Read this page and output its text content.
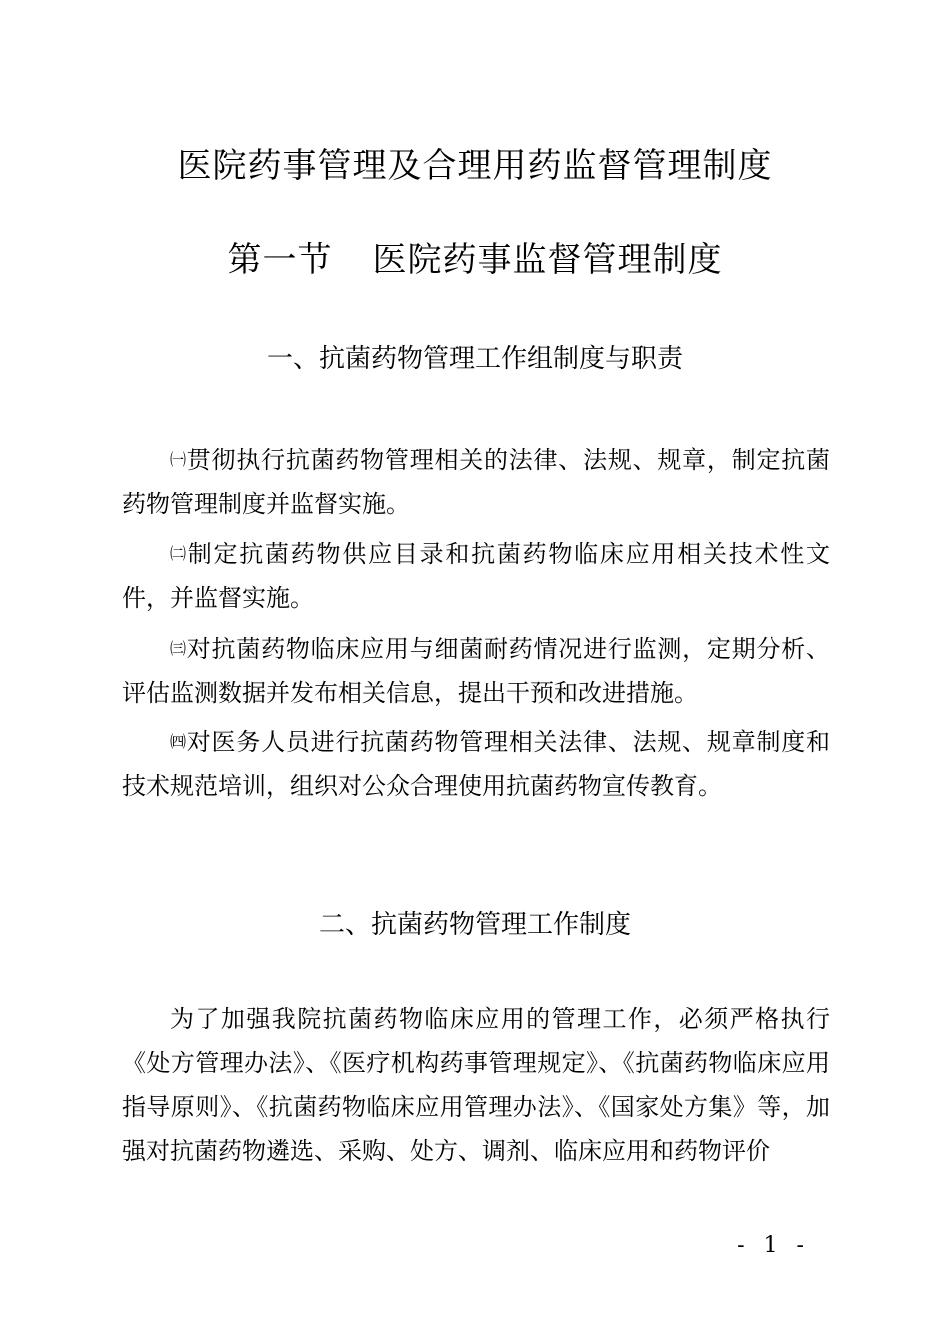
医院药事管理及合理用药监督管理制度
第一节 医院药事监督管理制度
一、抗菌药物管理工作组制度与职责

㈠贯彻执行抗菌药物管理相关的法律、法规、规章，制定抗菌药物管理制度并监督实施。

㈡制定抗菌药物供应目录和抗菌药物临床应用相关技术性文件，并监督实施。

㈢对抗菌药物临床应用与细菌耐药情况进行监测，定期分析、评估监测数据并发布相关信息，提出干预和改进措施。

㈣对医务人员进行抗菌药物管理相关法律、法规、规章制度和技术规范培训，组织对公众合理使用抗菌药物宣传教育。

二、抗菌药物管理工作制度

为了加强我院抗菌药物临床应用的管理工作，必须严格执行《处方管理办法》、《医疗机构药事管理规定》、《抗菌药物临床应用指导原则》、《抗菌药物临床应用管理办法》、《国家处方集》等，加强对抗菌药物遴选、采购、处方、调剂、临床应用和药物评价

- 1 -
